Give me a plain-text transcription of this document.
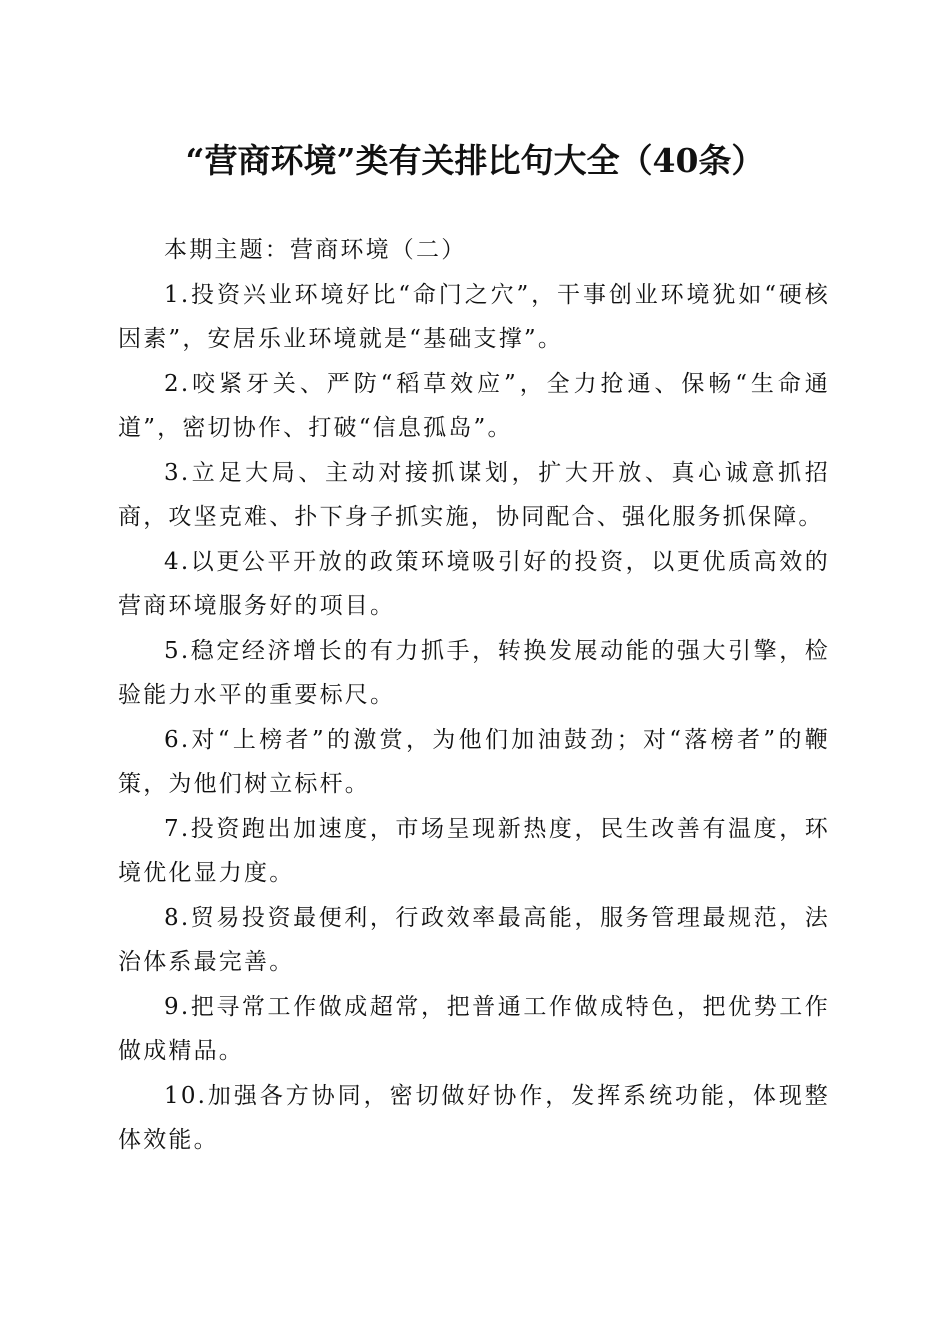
“营商环境”类有关排比句大全（40条）

本期主题：营商环境（二）

1.投资兴业环境好比“命门之穴”，干事创业环境犹如“硬核因素”，安居乐业环境就是“基础支撑”。

2.咬紧牙关、严防“稻草效应”，全力抢通、保畅“生命通道”，密切协作、打破“信息孤岛”。

3.立足大局、主动对接抓谋划，扩大开放、真心诚意抓招商，攻坚克难、扑下身子抓实施，协同配合、强化服务抓保障。

4.以更公平开放的政策环境吸引好的投资，以更优质高效的营商环境服务好的项目。

5.稳定经济增长的有力抓手，转换发展动能的强大引擎，检验能力水平的重要标尺。

6.对“上榜者”的激赏，为他们加油鼓劲；对“落榜者”的鞭策，为他们树立标杆。

7.投资跑出加速度，市场呈现新热度，民生改善有温度，环境优化显力度。

8.贸易投资最便利，行政效率最高能，服务管理最规范，法治体系最完善。

9.把寻常工作做成超常，把普通工作做成特色，把优势工作做成精品。

10.加强各方协同，密切做好协作，发挥系统功能，体现整体效能。
